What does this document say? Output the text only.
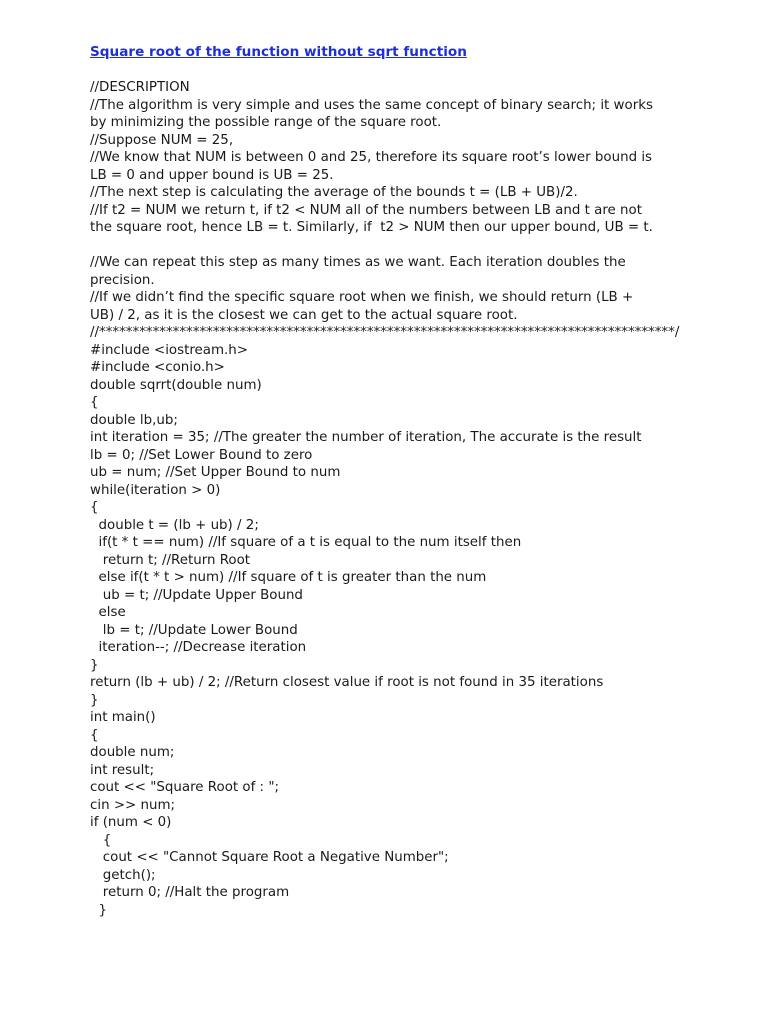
Square root of the function without sqrt function
//DESCRIPTION
//The algorithm is very simple and uses the same concept of binary search; it works
by minimizing the possible range of the square root.
//Suppose NUM = 25,
//We know that NUM is between 0 and 25, therefore its square root’s lower bound is
LB = 0 and upper bound is UB = 25.
//The next step is calculating the average of the bounds t = (LB + UB)/2.
//If t2 = NUM we return t, if t2 < NUM all of the numbers between LB and t are not
the square root, hence LB = t. Similarly, if  t2 > NUM then our upper bound, UB = t.
//We can repeat this step as many times as we want. Each iteration doubles the
precision.
//If we didn’t find the specific square root when we finish, we should return (LB +
UB) / 2, as it is the closest we can get to the actual square root.
//**************************************************************************************/
#include <iostream.h>
#include <conio.h>
double sqrrt(double num)
{
double lb,ub;
int iteration = 35; //The greater the number of iteration, The accurate is the result
lb = 0; //Set Lower Bound to zero
ub = num; //Set Upper Bound to num
while(iteration > 0)
{
double t = (lb + ub) / 2;
if(t * t == num) //If square of a t is equal to the num itself then
return t; //Return Root
else if(t * t > num) //If square of t is greater than the num
ub = t; //Update Upper Bound
else
lb = t; //Update Lower Bound
iteration--; //Decrease iteration
}
return (lb + ub) / 2; //Return closest value if root is not found in 35 iterations
}
int main()
{
double num;
int result;
cout << "Square Root of : ";
cin >> num;
if (num < 0)
{
cout << "Cannot Square Root a Negative Number";
getch();
return 0; //Halt the program
}
